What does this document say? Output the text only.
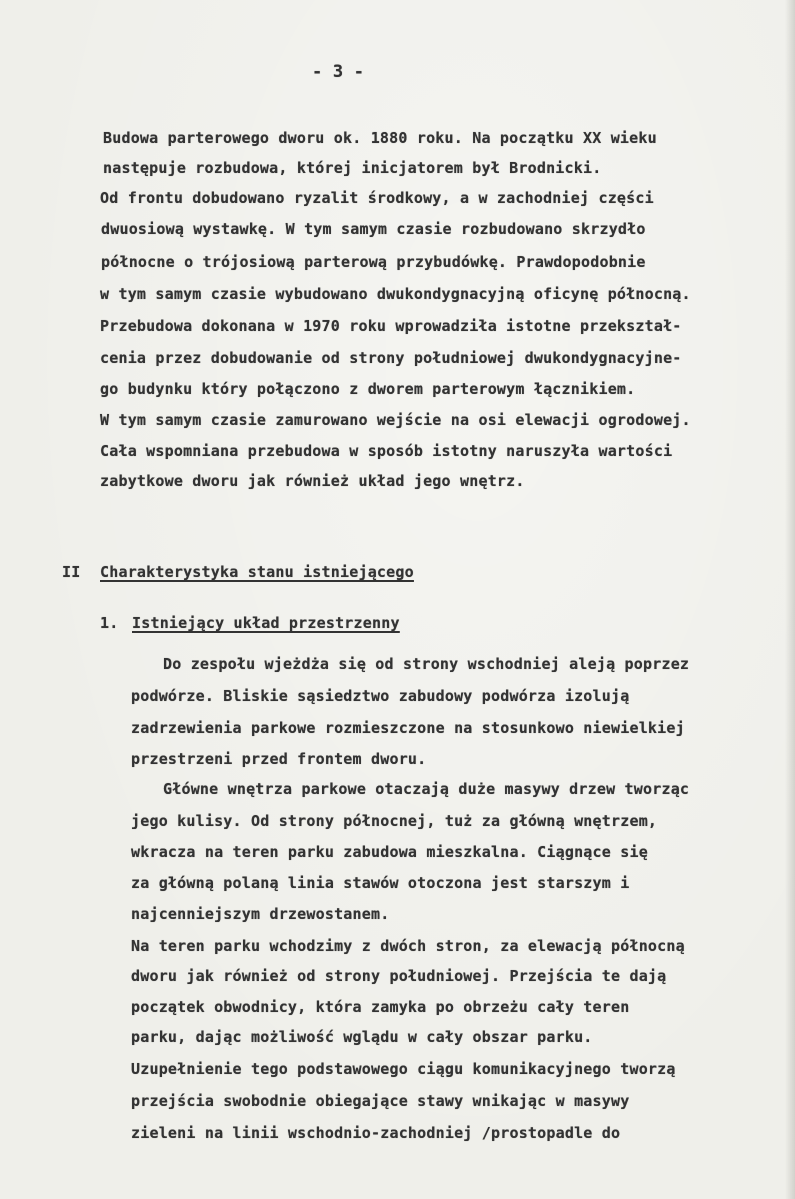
- 3 -
Budowa parterowego dworu ok. 1880 roku. Na początku XX wieku
następuje rozbudowa, której inicjatorem był Brodnicki.
Od frontu dobudowano ryzalit środkowy, a w zachodniej części
dwuosiową wystawkę. W tym samym czasie rozbudowano skrzydło
północne o trójosiową parterową przybudówkę. Prawdopodobnie
w tym samym czasie wybudowano dwukondygnacyjną oficynę północną.
Przebudowa dokonana w 1970 roku wprowadziła istotne przekształ-
cenia przez dobudowanie od strony południowej dwukondygnacyjne-
go budynku który połączono z dworem parterowym łącznikiem.
W tym samym czasie zamurowano wejście na osi elewacji ogrodowej.
Cała wspomniana przebudowa w sposób istotny naruszyła wartości
zabytkowe dworu jak również układ jego wnętrz.
II Charakterystyka stanu istniejącego
1. Istniejący układ przestrzenny
Do zespołu wjeżdża się od strony wschodniej aleją poprzez
podwórze. Bliskie sąsiedztwo zabudowy podwórza izolują
zadrzewienia parkowe rozmieszczone na stosunkowo niewielkiej
przestrzeni przed frontem dworu.
Główne wnętrza parkowe otaczają duże masywy drzew tworząc
jego kulisy. Od strony północnej, tuż za główną wnętrzem,
wkracza na teren parku zabudowa mieszkalna. Ciągnące się
za główną polaną linia stawów otoczona jest starszym i
najcenniejszym drzewostanem.
Na teren parku wchodzimy z dwóch stron, za elewacją północną
dworu jak również od strony południowej. Przejścia te dają
początek obwodnicy, która zamyka po obrzeżu cały teren
parku, dając możliwość wglądu w cały obszar parku.
Uzupełnienie tego podstawowego ciągu komunikacyjnego tworzą
przejścia swobodnie obiegające stawy wnikając w masywy
zieleni na linii wschodnio-zachodniej /prostopadle do
